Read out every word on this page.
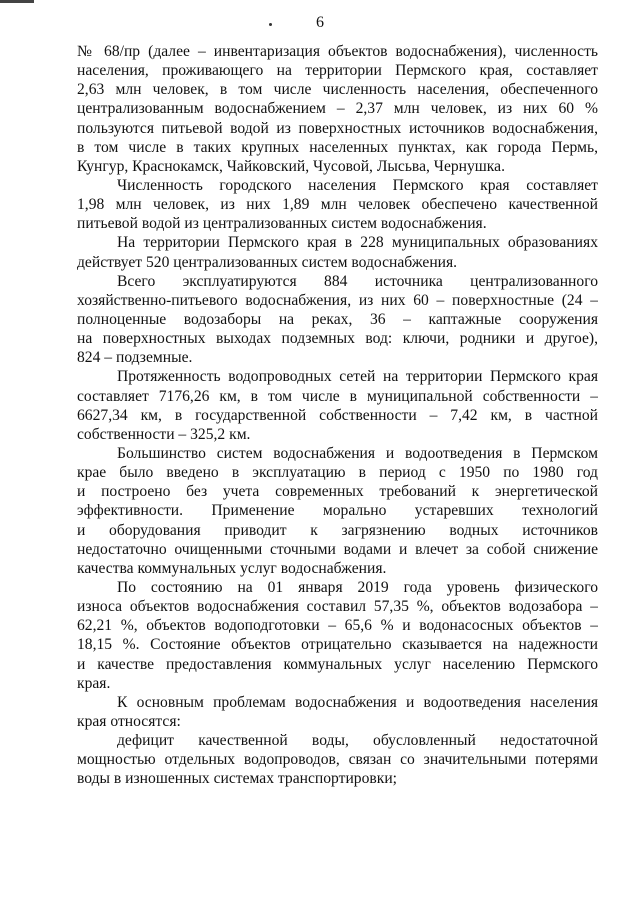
6
№ 68/пр (далее – инвентаризация объектов водоснабжения), численность
населения, проживающего на территории Пермского края, составляет
2,63 млн человек, в том числе численность населения, обеспеченного
централизованным водоснабжением – 2,37 млн человек, из них 60 %
пользуются питьевой водой из поверхностных источников водоснабжения,
в том числе в таких крупных населенных пунктах, как города Пермь,
Кунгур, Краснокамск, Чайковский, Чусовой, Лысьва, Чернушка.
Численность городского населения Пермского края составляет
1,98 млн человек, из них 1,89 млн человек обеспечено качественной
питьевой водой из централизованных систем водоснабжения.
На территории Пермского края в 228 муниципальных образованиях
действует 520 централизованных систем водоснабжения.
Всего эксплуатируются 884 источника централизованного
хозяйственно-питьевого водоснабжения, из них 60 – поверхностные (24 –
полноценные водозаборы на реках, 36 – каптажные сооружения
на поверхностных выходах подземных вод: ключи, родники и другое),
824 – подземные.
Протяженность водопроводных сетей на территории Пермского края
составляет 7176,26 км, в том числе в муниципальной собственности –
6627,34 км, в государственной собственности – 7,42 км, в частной
собственности – 325,2 км.
Большинство систем водоснабжения и водоотведения в Пермском
крае было введено в эксплуатацию в период с 1950 по 1980 год
и построено без учета современных требований к энергетической
эффективности. Применение морально устаревших технологий
и оборудования приводит к загрязнению водных источников
недостаточно очищенными сточными водами и влечет за собой снижение
качества коммунальных услуг водоснабжения.
По состоянию на 01 января 2019 года уровень физического
износа объектов водоснабжения составил 57,35 %, объектов водозабора –
62,21 %, объектов водоподготовки – 65,6 % и водонасосных объектов –
18,15 %. Состояние объектов отрицательно сказывается на надежности
и качестве предоставления коммунальных услуг населению Пермского
края.
К основным проблемам водоснабжения и водоотведения населения
края относятся:
дефицит качественной воды, обусловленный недостаточной
мощностью отдельных водопроводов, связан со значительными потерями
воды в изношенных системах транспортировки;
